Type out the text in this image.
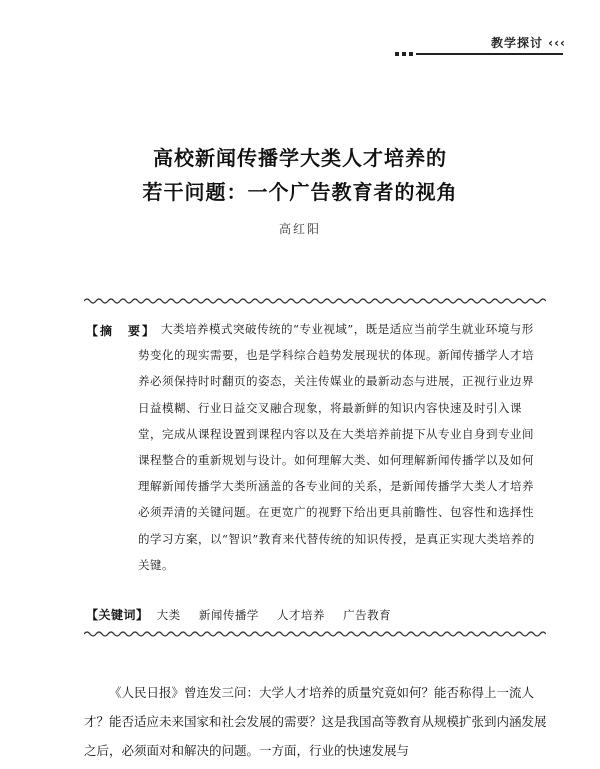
教学探讨 ‹‹‹
高校新闻传播学大类人才培养的
若干问题：一个广告教育者的视角
高红阳
【摘　要】 大类培养模式突破传统的“专业视域”，既是适应当前学生就业环境与形势变化的现实需要，也是学科综合趋势发展现状的体现。新闻传播学人才培养必须保持时时翻页的姿态，关注传媒业的最新动态与进展，正视行业边界日益模糊、行业日益交叉融合现象，将最新鲜的知识内容快速及时引入课堂，完成从课程设置到课程内容以及在大类培养前提下从专业自身到专业间课程整合的重新规划与设计。如何理解大类、如何理解新闻传播学以及如何理解新闻传播学大类所涵盖的各专业间的关系，是新闻传播学大类人才培养必须弄清的关键问题。在更宽广的视野下给出更具前瞻性、包容性和选择性的学习方案，以“智识”教育来代替传统的知识传授，是真正实现大类培养的关键。
【关键词】 大类 新闻传播学 人才培养 广告教育
《人民日报》曾连发三问：大学人才培养的质量究竟如何？能否称得上一流人才？能否适应未来国家和社会发展的需要？这是我国高等教育从规模扩张到内涵发展之后，必须面对和解决的问题。一方面，行业的快速发展与
